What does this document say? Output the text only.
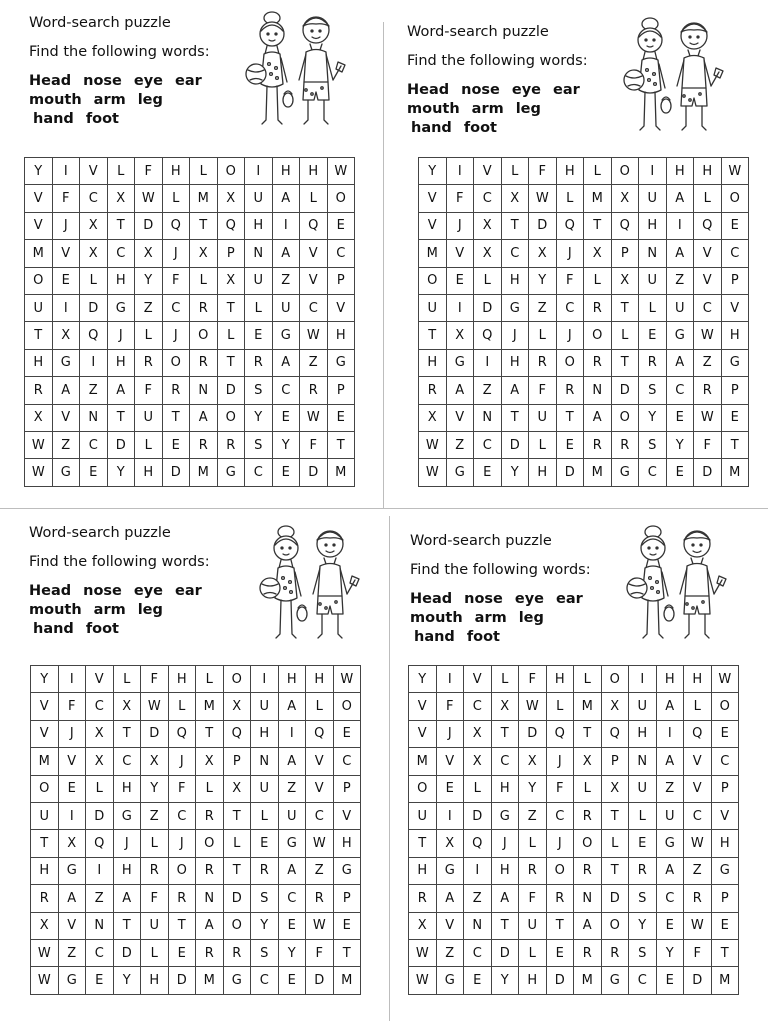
Word-search puzzle
Find the following words:
Head nose eye ear
mouth arm leg
hand foot
Y	I	V	L	F	H	L	O	I	H	H	W
V	F	C	X	W	L	M	X	U	A	L	O
V	J	X	T	D	Q	T	Q	H	I	Q	E
M	V	X	C	X	J	X	P	N	A	V	C
O	E	L	H	Y	F	L	X	U	Z	V	P
U	I	D	G	Z	C	R	T	L	U	C	V
T	X	Q	J	L	J	O	L	E	G	W	H
H	G	I	H	R	O	R	T	R	A	Z	G
R	A	Z	A	F	R	N	D	S	C	R	P
X	V	N	T	U	T	A	O	Y	E	W	E
W	Z	C	D	L	E	R	R	S	Y	F	T
W	G	E	Y	H	D	M	G	C	E	D	M
Word-search puzzle
Find the following words:
Head nose eye ear
mouth arm leg
hand foot
Y	I	V	L	F	H	L	O	I	H	H	W
V	F	C	X	W	L	M	X	U	A	L	O
V	J	X	T	D	Q	T	Q	H	I	Q	E
M	V	X	C	X	J	X	P	N	A	V	C
O	E	L	H	Y	F	L	X	U	Z	V	P
U	I	D	G	Z	C	R	T	L	U	C	V
T	X	Q	J	L	J	O	L	E	G	W	H
H	G	I	H	R	O	R	T	R	A	Z	G
R	A	Z	A	F	R	N	D	S	C	R	P
X	V	N	T	U	T	A	O	Y	E	W	E
W	Z	C	D	L	E	R	R	S	Y	F	T
W	G	E	Y	H	D	M	G	C	E	D	M
Word-search puzzle
Find the following words:
Head nose eye ear
mouth arm leg
hand foot
Y	I	V	L	F	H	L	O	I	H	H	W
V	F	C	X	W	L	M	X	U	A	L	O
V	J	X	T	D	Q	T	Q	H	I	Q	E
M	V	X	C	X	J	X	P	N	A	V	C
O	E	L	H	Y	F	L	X	U	Z	V	P
U	I	D	G	Z	C	R	T	L	U	C	V
T	X	Q	J	L	J	O	L	E	G	W	H
H	G	I	H	R	O	R	T	R	A	Z	G
R	A	Z	A	F	R	N	D	S	C	R	P
X	V	N	T	U	T	A	O	Y	E	W	E
W	Z	C	D	L	E	R	R	S	Y	F	T
W	G	E	Y	H	D	M	G	C	E	D	M
Word-search puzzle
Find the following words:
Head nose eye ear
mouth arm leg
hand foot
Y	I	V	L	F	H	L	O	I	H	H	W
V	F	C	X	W	L	M	X	U	A	L	O
V	J	X	T	D	Q	T	Q	H	I	Q	E
M	V	X	C	X	J	X	P	N	A	V	C
O	E	L	H	Y	F	L	X	U	Z	V	P
U	I	D	G	Z	C	R	T	L	U	C	V
T	X	Q	J	L	J	O	L	E	G	W	H
H	G	I	H	R	O	R	T	R	A	Z	G
R	A	Z	A	F	R	N	D	S	C	R	P
X	V	N	T	U	T	A	O	Y	E	W	E
W	Z	C	D	L	E	R	R	S	Y	F	T
W	G	E	Y	H	D	M	G	C	E	D	M
